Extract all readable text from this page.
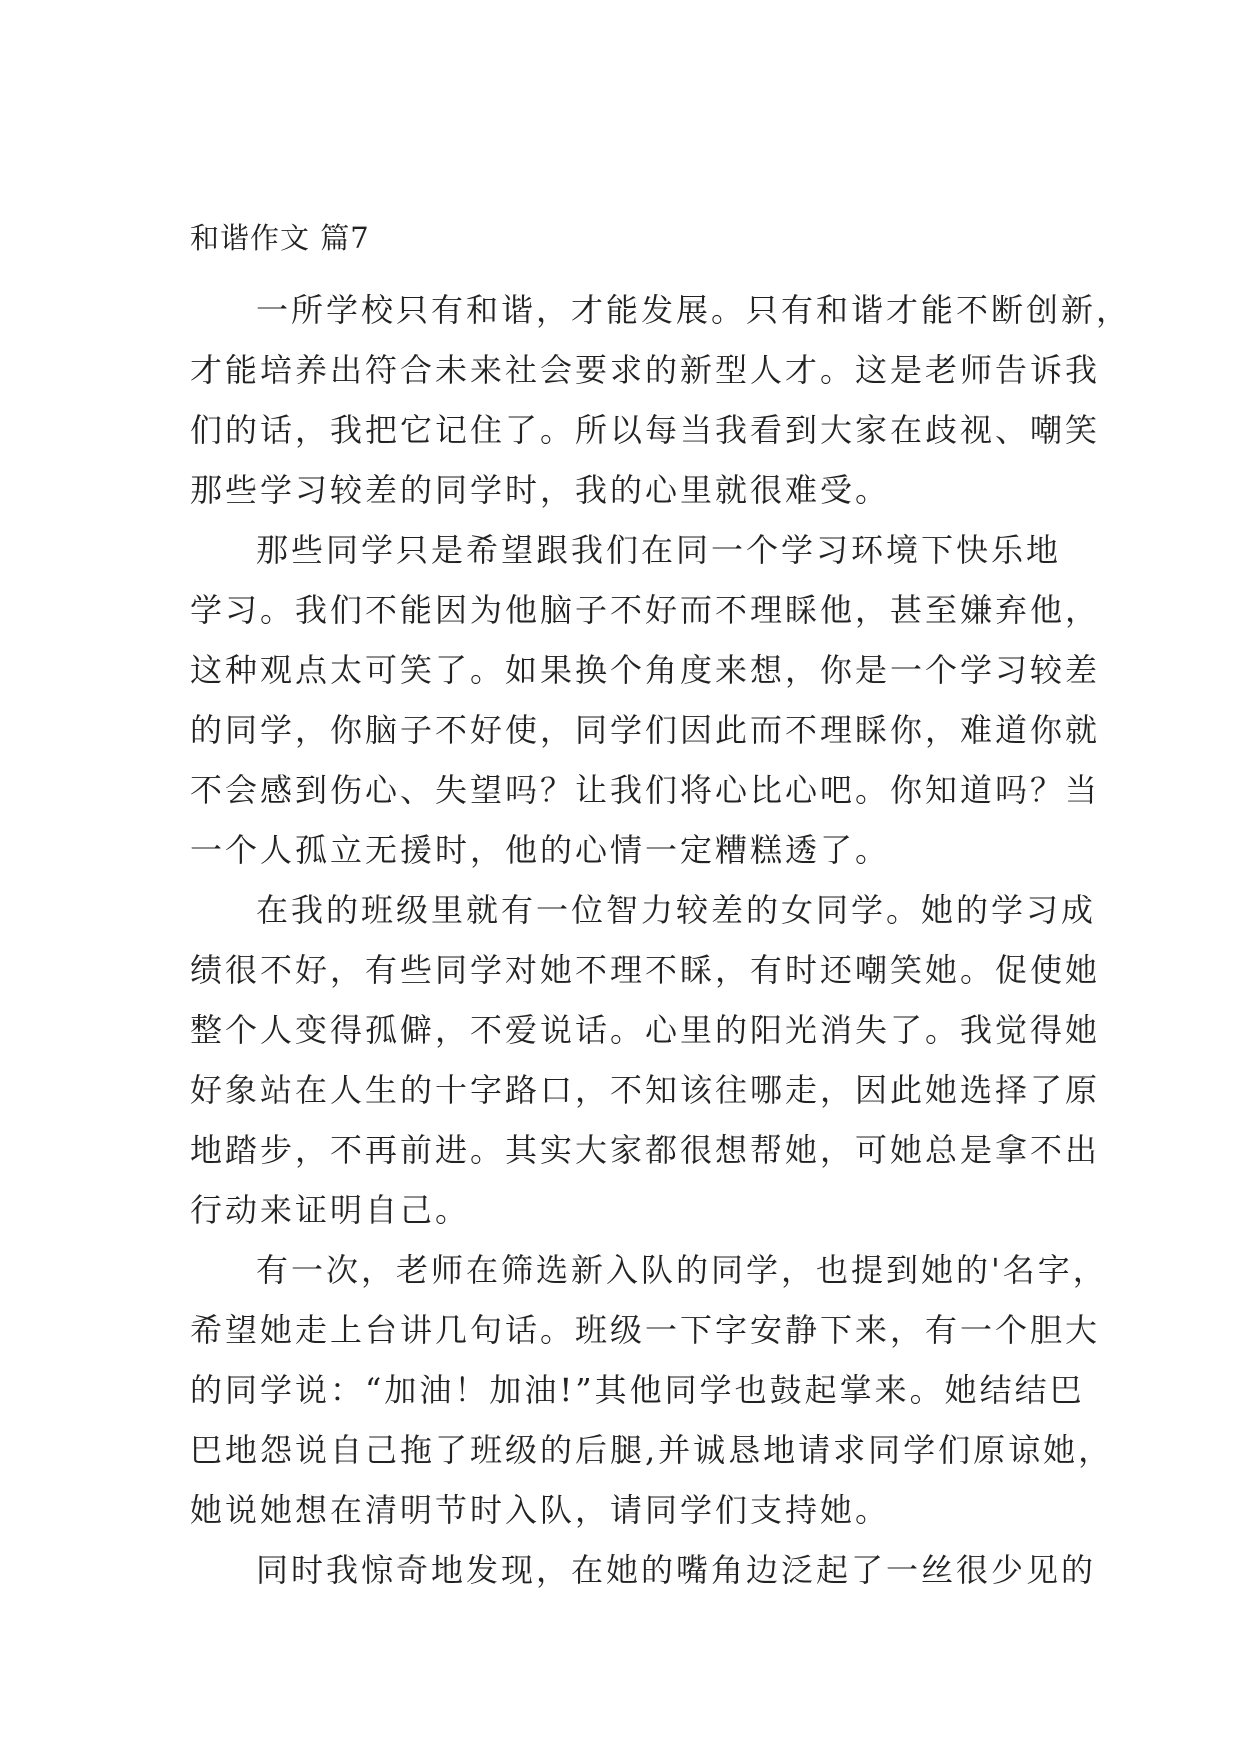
和谐作文 篇7
一所学校只有和谐，才能发展。只有和谐才能不断创新，
才能培养出符合未来社会要求的新型人才。这是老师告诉我
们的话，我把它记住了。所以每当我看到大家在歧视、嘲笑
那些学习较差的同学时，我的心里就很难受。
那些同学只是希望跟我们在同一个学习环境下快乐地
学习。我们不能因为他脑子不好而不理睬他，甚至嫌弃他，
这种观点太可笑了。如果换个角度来想，你是一个学习较差
的同学，你脑子不好使，同学们因此而不理睬你，难道你就
不会感到伤心、失望吗？让我们将心比心吧。你知道吗？当
一个人孤立无援时，他的心情一定糟糕透了。
在我的班级里就有一位智力较差的女同学。她的学习成
绩很不好，有些同学对她不理不睬，有时还嘲笑她。促使她
整个人变得孤僻，不爱说话。心里的阳光消失了。我觉得她
好象站在人生的十字路口，不知该往哪走，因此她选择了原
地踏步，不再前进。其实大家都很想帮她，可她总是拿不出
行动来证明自己。
有一次，老师在筛选新入队的同学，也提到她的'名字，
希望她走上台讲几句话。班级一下字安静下来，有一个胆大
的同学说：“加油！加油!”其他同学也鼓起掌来。她结结巴
巴地怨说自己拖了班级的后腿,并诚恳地请求同学们原谅她，
她说她想在清明节时入队，请同学们支持她。
同时我惊奇地发现，在她的嘴角边泛起了一丝很少见的
